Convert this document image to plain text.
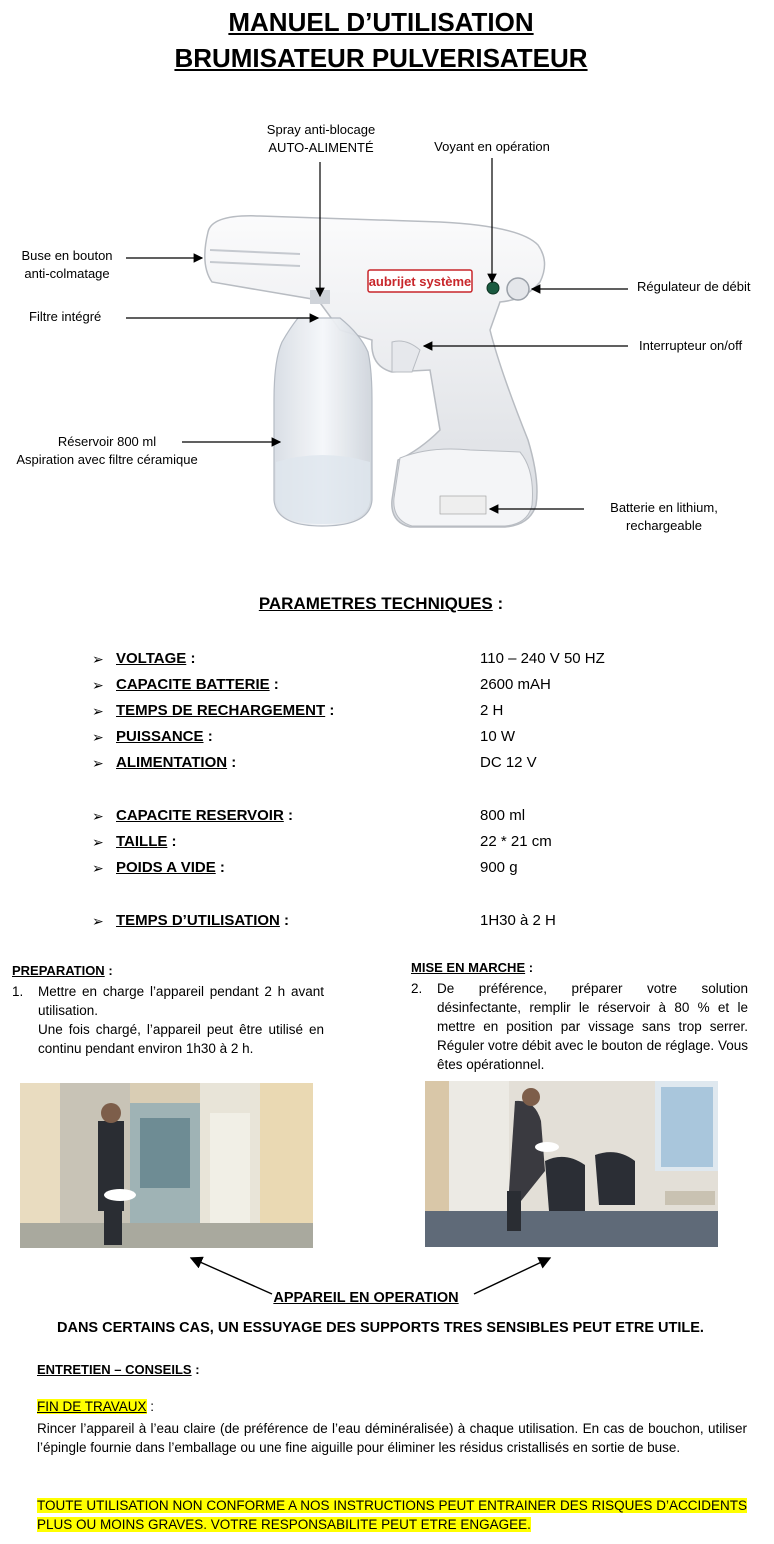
MANUEL D’UTILISATION
BRUMISATEUR PULVERISATEUR
aubrijet système
Spray anti-blocage
AUTO-ALIMENTÉ	Voyant en opération
Buse en bouton
anti-colmatage
Régulateur de débit
Filtre intégré
Interrupteur on/off
Réservoir 800 ml
Aspiration avec filtre céramique
Batterie en lithium,
rechargeable
PARAMETRES TECHNIQUES :
➢ VOLTAGE :	110 – 240 V 50 HZ
➢ CAPACITE BATTERIE :	2600 mAH
➢ TEMPS DE RECHARGEMENT :	2 H
➢ PUISSANCE :	10 W
➢ ALIMENTATION :	DC 12 V
➢ CAPACITE RESERVOIR :	800 ml
➢ TAILLE :	22 * 21 cm
➢ POIDS A VIDE :	900 g
➢ TEMPS D’UTILISATION :	1H30 à 2 H
PREPARATION :
1.	Mettre en charge l’appareil pendant 2 h avant utilisation.
Une fois chargé, l’appareil peut être utilisé en continu pendant environ 1h30 à 2 h.
MISE EN MARCHE :
2.	De préférence, préparer votre solution désinfectante, remplir le réservoir à 80 % et le mettre en position par vissage sans trop serrer. Réguler votre débit avec le bouton de réglage. Vous êtes opérationnel.
APPAREIL EN OPERATION
DANS CERTAINS CAS, UN ESSUYAGE DES SUPPORTS TRES SENSIBLES PEUT ETRE UTILE.
ENTRETIEN – CONSEILS :
FIN DE TRAVAUX :
Rincer l’appareil à l’eau claire (de préférence de l’eau déminéralisée) à chaque utilisation. En cas de bouchon, utiliser l’épingle fournie dans l’emballage ou une fine aiguille pour éliminer les résidus cristallisés en sortie de buse.
TOUTE UTILISATION NON CONFORME A NOS INSTRUCTIONS PEUT ENTRAINER DES RISQUES D’ACCIDENTS PLUS OU MOINS GRAVES. VOTRE RESPONSABILITE PEUT ETRE ENGAGEE.
